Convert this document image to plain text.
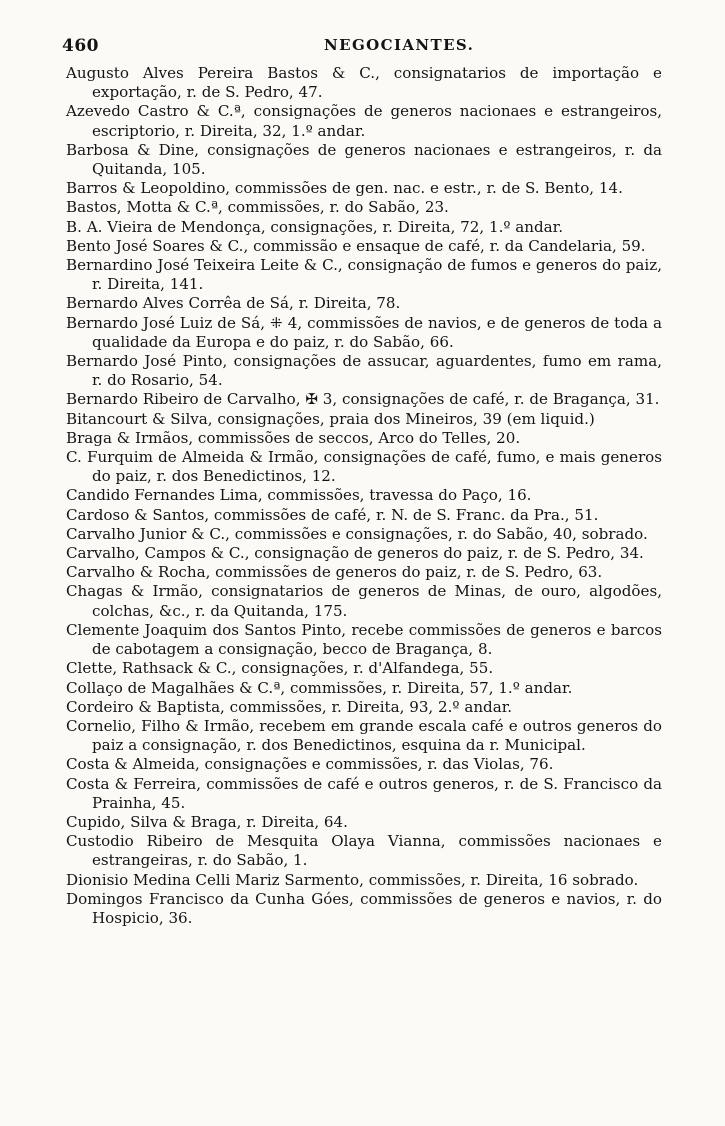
460	NEGOCIANTES.
Augusto Alves Pereira Bastos & C., consignatarios de importação e exportação, r. de S. Pedro, 47.
Azevedo Castro & C.ª, consignações de generos nacionaes e estrangeiros, escriptorio, r. Direita, 32, 1.º andar.
Barbosa & Dine, consignações de generos nacionaes e estrangeiros, r. da Quitanda, 105.
Barros & Leopoldino, commissões de gen. nac. e estr., r. de S. Bento, 14.
Bastos, Motta & C.ª, commissões, r. do Sabão, 23.
B. A. Vieira de Mendonça, consignações, r. Direita, 72, 1.º andar.
Bento José Soares & C., commissão e ensaque de café, r. da Candelaria, 59.
Bernardino José Teixeira Leite & C., consignação de fumos e generos do paiz, r. Direita, 141.
Bernardo Alves Corrêa de Sá, r. Direita, 78.
Bernardo José Luiz de Sá, ⁜ 4, commissões de navios, e de generos de toda a qualidade da Europa e do paiz, r. do Sabão, 66.
Bernardo José Pinto, consignações de assucar, aguardentes, fumo em rama, r. do Rosario, 54.
Bernardo Ribeiro de Carvalho, ✠ 3, consignações de café, r. de Bragança, 31.
Bitancourt & Silva, consignações, praia dos Mineiros, 39 (em liquid.)
Braga & Irmãos, commissões de seccos, Arco do Telles, 20.
C. Furquim de Almeida & Irmão, consignações de café, fumo, e mais generos do paiz, r. dos Benedictinos, 12.
Candido Fernandes Lima, commissões, travessa do Paço, 16.
Cardoso & Santos, commissões de café, r. N. de S. Franc. da Pra., 51.
Carvalho Junior & C., commissões e consignações, r. do Sabão, 40, sobrado.
Carvalho, Campos & C., consignação de generos do paiz, r. de S. Pedro, 34.
Carvalho & Rocha, commissões de generos do paiz, r. de S. Pedro, 63.
Chagas & Irmão, consignatarios de generos de Minas, de ouro, algodões, colchas, &c., r. da Quitanda, 175.
Clemente Joaquim dos Santos Pinto, recebe commissões de generos e barcos de cabotagem a consignação, becco de Bragança, 8.
Clette, Rathsack & C., consignações, r. d'Alfandega, 55.
Collaço de Magalhães & C.ª, commissões, r. Direita, 57, 1.º andar.
Cordeiro & Baptista, commissões, r. Direita, 93, 2.º andar.
Cornelio, Filho & Irmão, recebem em grande escala café e outros generos do paiz a consignação, r. dos Benedictinos, esquina da r. Municipal.
Costa & Almeida, consignações e commissões, r. das Violas, 76.
Costa & Ferreira, commissões de café e outros generos, r. de S. Francisco da Prainha, 45.
Cupido, Silva & Braga, r. Direita, 64.
Custodio Ribeiro de Mesquita Olaya Vianna, commissões nacionaes e estrangeiras, r. do Sabão, 1.
Dionisio Medina Celli Mariz Sarmento, commissões, r. Direita, 16 sobrado.
Domingos Francisco da Cunha Góes, commissões de generos e navios, r. do Hospicio, 36.
